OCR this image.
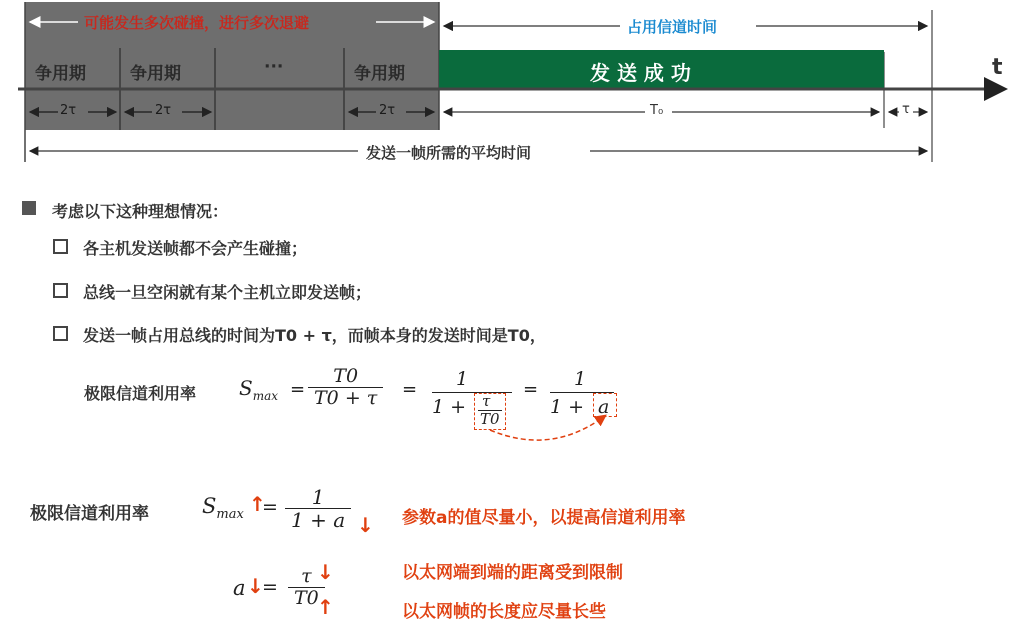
可能发生多次碰撞，进行多次退避	占用信道时间
争用期	争用期	···	争用期	发 送 成 功	t
2τ	2τ	2τ	T₀	τ
发送一帧所需的平均时间
考虑以下这种理想情况：
各主机发送帧都不会产生碰撞；
总线一旦空闲就有某个主机立即发送帧；
发送一帧占用总线的时间为T0 + τ，而帧本身的发送时间是T0，
极限信道利用率 $S_{max}$ =
T0
T0 + τ	= 1
1 + τ
T0
= 1
1 + a
极限信道利用率	$S_{max}$ ↑
=	1
1 + a ↓ 参数a的值尽量小，以提高信道利用率
a ↓
=	τ
T0
↓
↑
以太网端到端的距离受到限制
以太网帧的长度应尽量长些
